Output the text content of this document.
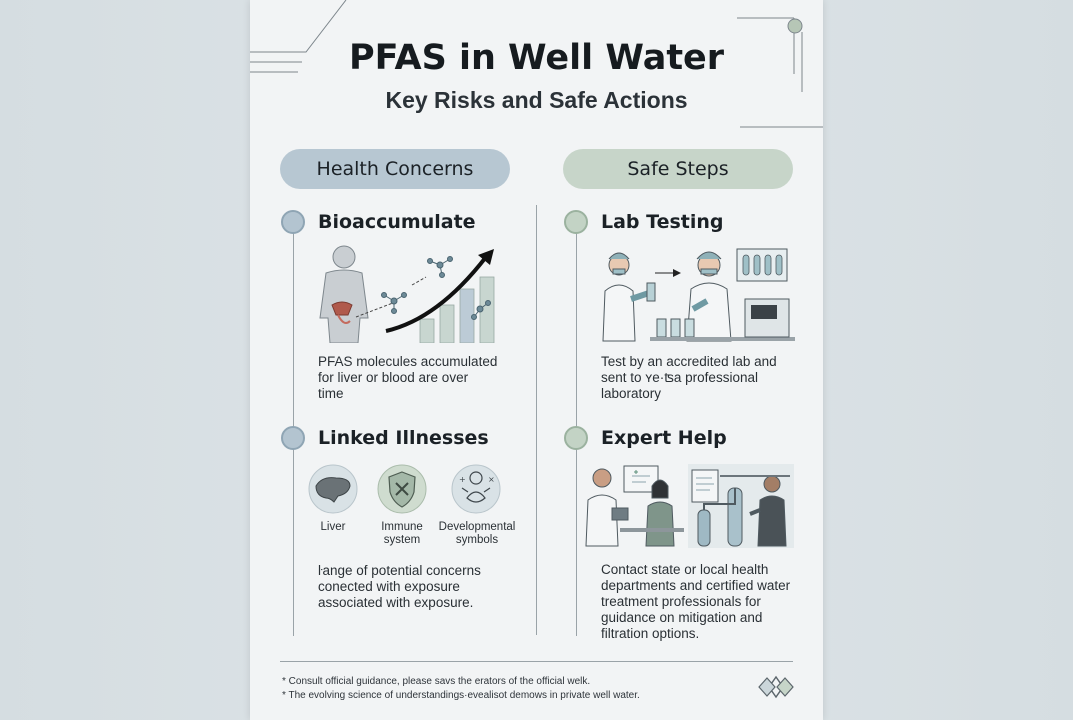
PFAS in Well Water
Key Risks and Safe Actions
Health Concerns	Safe Steps
Bioaccumulate

PFAS molecules accumulated
for liver or blood are over
time

Linked Illnesses
Liver	Immune
system
+	×
Developmental
symbols

ŀange of potential concerns
conected with exposure
associated with exposure.

Lab Testing

Test by an accredited lab and
sent to ʏe·ʦa professional
laboratory

Expert Help

Contact state or local health
departments and certified water
treatment professionals for
guidance on mitigation and
filtration options.

* Consult official guidance, please savs the erators of the official welk.
* The evolving science of understandings·evealisot demows in private well water.
